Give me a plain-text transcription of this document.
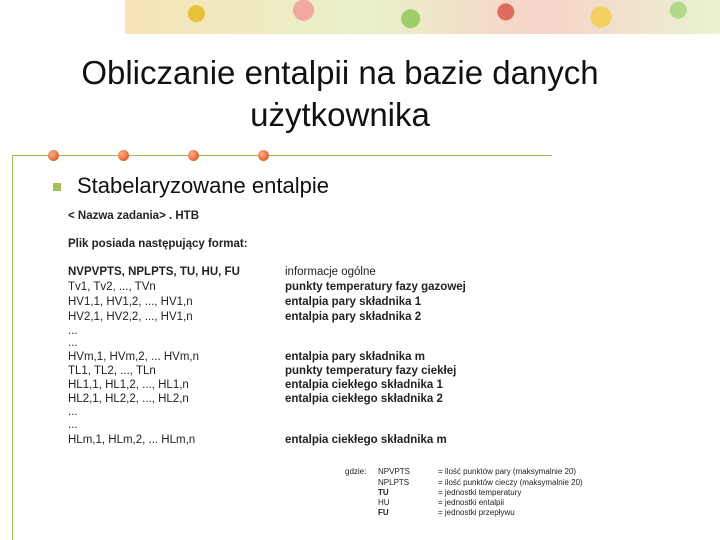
Obliczanie entalpii na bazie danych użytkownika
Stabelaryzowane entalpie
< Nazwa zadania> . HTB
Plik posiada następujący format:
NVPVPTS, NPLPTS, TU, HU, FU
Tv1, Tv2, ..., TVn
HV1,1, HV1,2, ..., HV1,n
HV2,1, HV2,2, ..., HV1,n
...
...
HVm,1, HVm,2, ... HVm,n
TL1, TL2, ..., TLn
HL1,1, HL1,2, ..., HL1,n
HL2,1, HL2,2, ..., HL2,n
...
...
HLm,1, HLm,2, ... HLm,n
informacje ogólne
punkty temperatury fazy gazowej
entalpia pary składnika 1
entalpia pary składnika 2
entalpia pary składnika m
punkty temperatury fazy ciekłej
entalpia ciekłego składnika 1
entalpia ciekłego składnika 2
entalpia ciekłego składnika m
gdzie: NPVPTS
NPLPTS
TU
HU
FU
= ilość punktów pary (maksymalnie 20)
= ilość punktów cieczy (maksymalnie 20)
= jednostki temperatury
= jednostki entalpii
= jednostki przepływu
